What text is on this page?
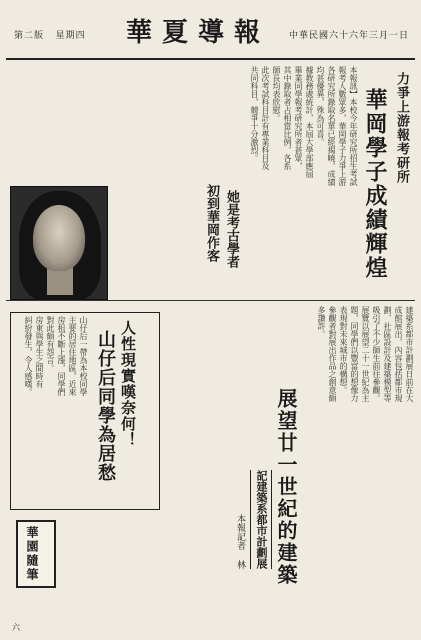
第二版 星期四 華夏導報 中華民國六十六年三月一日
力爭上游報考研所
華岡學子成績輝煌
本報訊】本校今年研究所招生考試
報考人數眾多，華岡學子力爭上游
各研究所錄取名單已經揭曉，成績
均甚優異，殊為可喜。
據教務處統計，本屆大學部應屆
畢業同學報考研究所者甚眾，
其中錄取者占相當比例，各系
師長均表欣慰。
此次考試科目計有專業科目及
共同科目，競爭十分激烈。
她是考古學者
初到華岡作客
展望廿一世紀的建築
記建築系都市計劃展
本報記者 林
建築系都市計劃展日前在大
成館展出，內容包括都市規
劃、社區設計及建築模型等
吸引了不少師生前往參觀。
展覽以展望二十一世紀為主
題，同學們以豐富的想像力
表現對未來城市的構想。
參觀者對展出作品之創意頗
多讚許。
人性現實嘆奈何！
山仔后同學為居愁
山仔后一帶為本校同學
主要的居住地區，近來
房租不斷上漲，同學們
對此頗有怨言。
房東與學生之間時有
糾紛發生，令人感嘆。
華園隨筆
六
